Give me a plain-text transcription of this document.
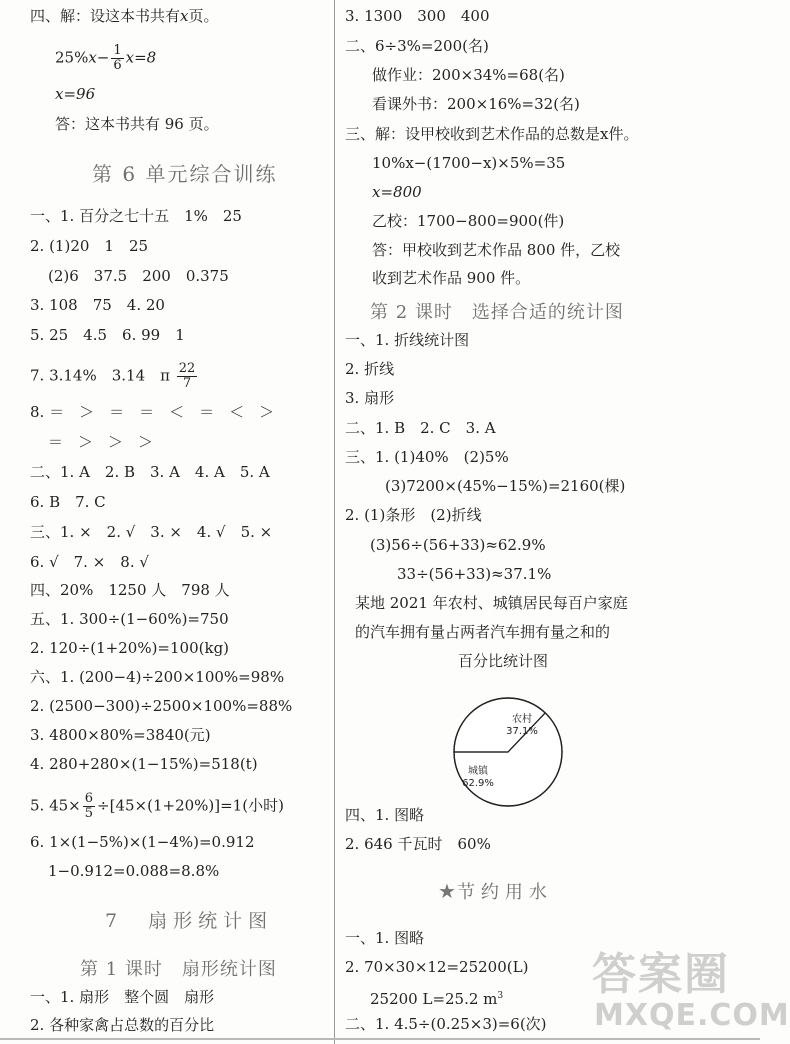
四、解：设这本书共有x页。
$25\%x- \frac{1}{6} x=8$
x=96
答：这本书共有 96 页。
第 6 单元综合训练
一、1. 百分之七十五　1%　25
2. (1)20　1　25
(2)6　37.5　200　0.375
3. 108　75　4. 20
5. 25　4.5　6. 99　1
7. 3.14%　3.14　π $\frac{22}{7}$
8. ＝　＞　＝　＝　＜　＝　＜　＞
＝　＞　＞　＞
二、1. A　2. B　3. A　4. A　5. A
6. B　7. C
三、1. ×　2. √　3. ×　4. √　5. ×
6. √　7. ×　8. √
四、20%　1250 人　798 人
五、1. 300÷(1−60%)=750
2. 120÷(1+20%)=100(kg)
六、1. (200−4)÷200×100%=98%
2. (2500−300)÷2500×100%=88%
3. 4800×80%=3840(元)
4. 280+280×(1−15%)=518(t)
5. $45\times \frac{6}{5} \div[45\times(1+20\%)]=1$(小时)
6. 1×(1−5%)×(1−4%)=0.912
1−0.912=0.088=8.8%
7　扇形统计图
第 1 课时　扇形统计图
一、1. 扇形　整个圆　扇形
2. 各种家禽占总数的百分比
3. 1300　300　400
二、6÷3%=200(名)
做作业：200×34%=68(名)
看课外书：200×16%=32(名)
三、解：设甲校收到艺术作品的总数是x件。
10%x−(1700−x)×5%=35
x=800
乙校：1700−800=900(件)
答：甲校收到艺术作品 800 件，乙校
收到艺术作品 900 件。
第 2 课时　选择合适的统计图
一、1. 折线统计图
2. 折线
3. 扇形
二、1. B　2. C　3. A
三、1. (1)40%　(2)5%
(3)7200×(45%−15%)=2160(棵)
2. (1)条形　(2)折线
(3)56÷(56+33)≈62.9%
33÷(56+33)≈37.1%
某地 2021 年农村、城镇居民每百户家庭
的汽车拥有量占两者汽车拥有量之和的
百分比统计图
农村
37.1%
城镇
62.9%
四、1. 图略
2. 646 千瓦时　60%
★节约用水
一、1. 图略
2. 70×30×12=25200(L)
25200 L=25.2 $m^3$
二、1. 4.5÷(0.25×3)=6(次)
答案圈
MXQE.COM
